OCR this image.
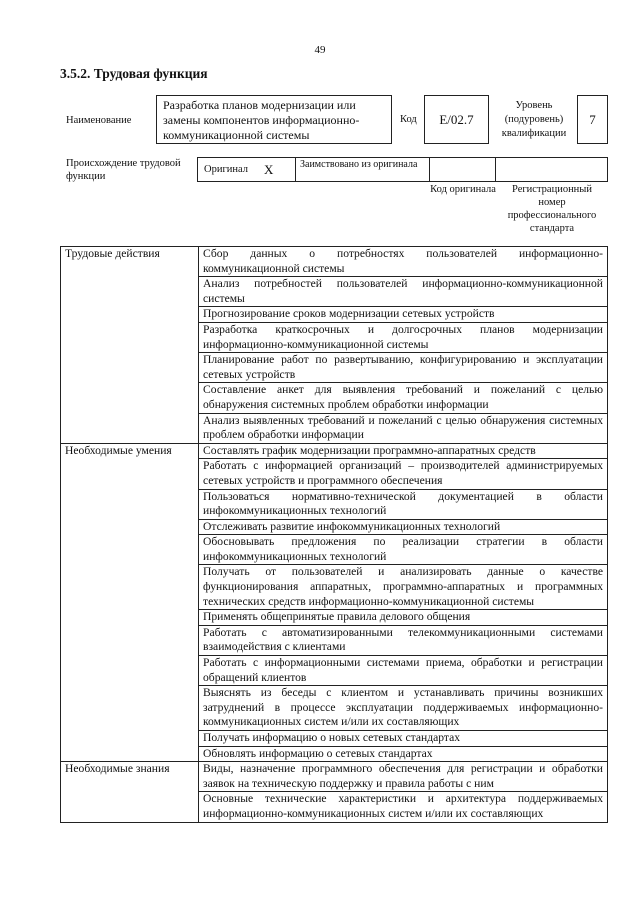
49
3.5.2. Трудовая функция
Наименование
Разработка планов модернизации или замены компонентов информационно-коммуникационной системы
Код	E/02.7
Уровень (подуровень) квалификации
7
Происхождение трудовой функции
Оригинал X	Заимствовано из оригинала
Код оригинала	Регистрационный номер профессионального стандарта
Трудовые действия	Сбор данных о потребностях пользователей информационно-коммуникационной системы

	Анализ потребностей пользователей информационно-коммуникационной системы

	Прогнозирование сроков модернизации сетевых устройств

	Разработка краткосрочных и долгосрочных планов модернизации информационно-коммуникационной системы

	Планирование работ по развертыванию, конфигурированию и эксплуатации сетевых устройств

	Составление анкет для выявления требований и пожеланий с целью обнаружения системных проблем обработки информации

	Анализ выявленных требований и пожеланий с целью обнаружения системных проблем обработки информации

Необходимые умения	Составлять график модернизации программно-аппаратных средств

	Работать с информацией организаций – производителей администрируемых сетевых устройств и программного обеспечения

	Пользоваться нормативно-технической документацией в области инфокоммуникационных технологий

	Отслеживать развитие инфокоммуникационных технологий

	Обосновывать предложения по реализации стратегии в области инфокоммуникационных технологий

	Получать от пользователей и анализировать данные о качестве функционирования аппаратных, программно-аппаратных и программных технических средств информационно-коммуникационной системы

	Применять общепринятые правила делового общения

	Работать с автоматизированными телекоммуникационными системами взаимодействия с клиентами

	Работать с информационными системами приема, обработки и регистрации обращений клиентов

	Выяснять из беседы с клиентом и устанавливать причины возникших затруднений в процессе эксплуатации поддерживаемых информационно-коммуникационных систем и/или их составляющих

	Получать информацию о новых сетевых стандартах

	Обновлять информацию о сетевых стандартах

Необходимые знания	Виды, назначение программного обеспечения для регистрации и обработки заявок на техническую поддержку и правила работы с ним

	Основные технические характеристики и архитектура поддерживаемых информационно-коммуникационных систем и/или их составляющих
